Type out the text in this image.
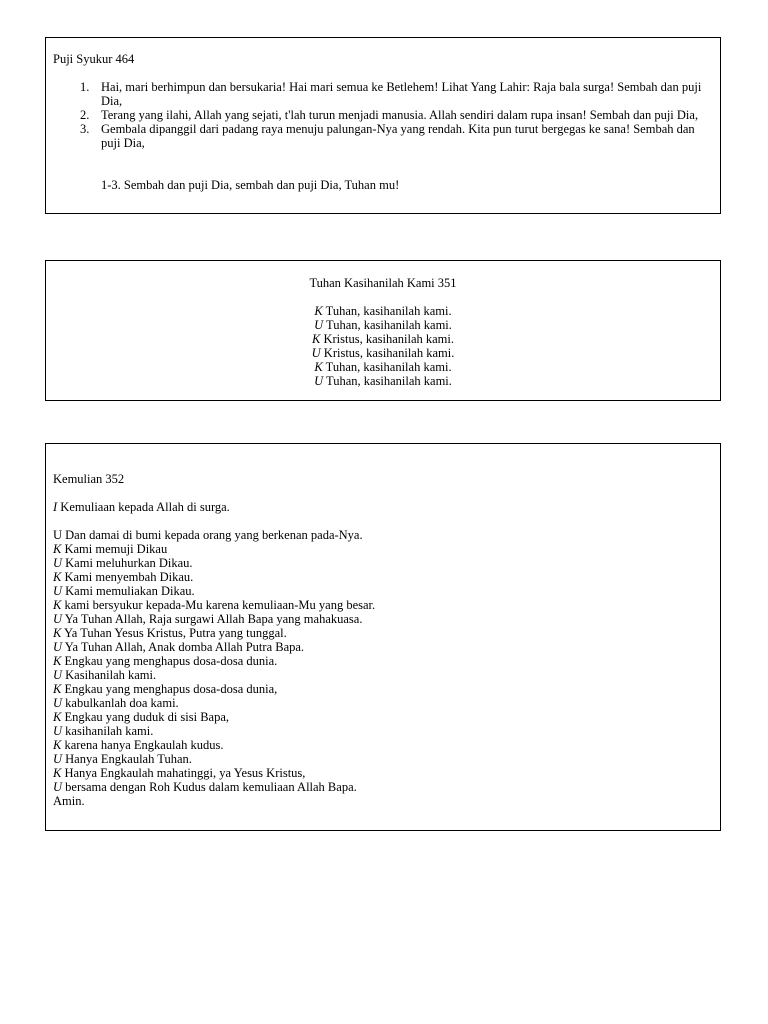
Puji Syukur 464
1. Hai, mari berhimpun dan bersukaria! Hai mari semua ke Betlehem! Lihat Yang Lahir: Raja bala surga! Sembah dan puji Dia,
2. Terang yang ilahi, Allah yang sejati, t'lah turun menjadi manusia. Allah sendiri dalam rupa insan! Sembah dan puji Dia,
3. Gembala dipanggil dari padang raya menuju palungan-Nya yang rendah. Kita pun turut bergegas ke sana! Sembah dan puji Dia,
1-3. Sembah dan puji Dia, sembah dan puji Dia, Tuhan mu!
Tuhan Kasihanilah Kami 351
K Tuhan, kasihanilah kami.
U Tuhan, kasihanilah kami.
K Kristus, kasihanilah kami.
U Kristus, kasihanilah kami.
K Tuhan, kasihanilah kami.
U Tuhan, kasihanilah kami.
Kemulian 352
I Kemuliaan kepada Allah di surga.
U Dan damai di bumi kepada orang yang berkenan pada-Nya.
K Kami memuji Dikau
U Kami meluhurkan Dikau.
K Kami menyembah Dikau.
U Kami memuliakan Dikau.
K kami bersyukur kepada-Mu karena kemuliaan-Mu yang besar.
U Ya Tuhan Allah, Raja surgawi Allah Bapa yang mahakuasa.
K Ya Tuhan Yesus Kristus, Putra yang tunggal.
U Ya Tuhan Allah, Anak domba Allah Putra Bapa.
K Engkau yang menghapus dosa-dosa dunia.
U Kasihanilah kami.
K Engkau yang menghapus dosa-dosa dunia,
U kabulkanlah doa kami.
K Engkau yang duduk di sisi Bapa,
U kasihanilah kami.
K karena hanya Engkaulah kudus.
U Hanya Engkaulah Tuhan.
K Hanya Engkaulah mahatinggi, ya Yesus Kristus,
U bersama dengan Roh Kudus dalam kemuliaan Allah Bapa.
Amin.
